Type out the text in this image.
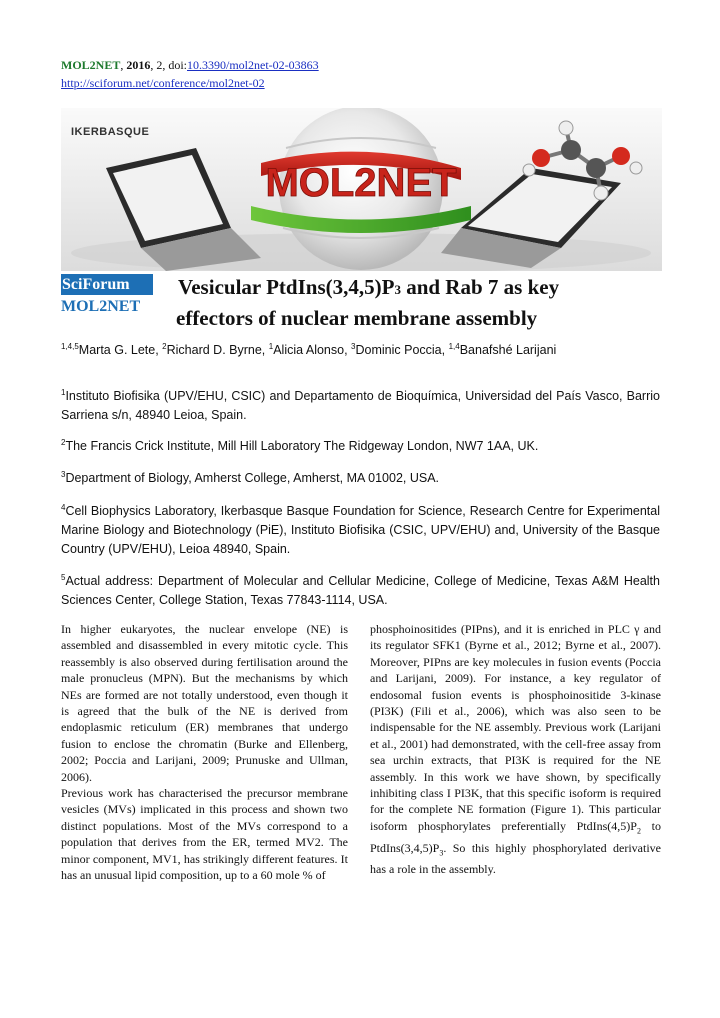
MOL2NET, 2016, 2, doi:10.3390/mol2net-02-03863
http://sciforum.net/conference/mol2net-02
MOL2NET
IKERBASQUE
SciForum
MOL2NET
Vesicular PtdIns(3,4,5)P3 and Rab 7 as key
effectors of nuclear membrane assembly
$^{1,4,5}$Marta G. Lete, $^2$Richard D. Byrne, $^1$Alicia Alonso, $^3$Dominic Poccia, $^{1,4}$Banafshé Larijani
$^1$Instituto Biofisika (UPV/EHU, CSIC) and Departamento de Bioquímica, Universidad del País Vasco, Barrio Sarriena s/n, 48940 Leioa, Spain.
$^2$The Francis Crick Institute, Mill Hill Laboratory The Ridgeway London, NW7 1AA, UK.
$^3$Department of Biology, Amherst College, Amherst, MA 01002, USA.
$^4$Cell Biophysics Laboratory, Ikerbasque Basque Foundation for Science, Research Centre for Experimental Marine Biology and Biotechnology (PiE), Instituto Biofisika (CSIC, UPV/EHU) and, University of the Basque Country (UPV/EHU), Leioa 48940, Spain.
$^5$Actual address: Department of Molecular and Cellular Medicine, College of Medicine, Texas A&M Health Sciences Center, College Station, Texas 77843-1114, USA.

In higher eukaryotes, the nuclear envelope (NE) is assembled and disassembled in every mitotic cycle. This reassembly is also observed during fertilisation around the male pronucleus (MPN). But the mechanisms by which NEs are formed are not totally understood, even though it is agreed that the bulk of the NE is derived from endoplasmic reticulum (ER) membranes that undergo fusion to enclose the chromatin (Burke and Ellenberg, 2002; Poccia and Larijani, 2009; Prunuske and Ullman, 2006).

Previous work has characterised the precursor membrane vesicles (MVs) implicated in this process and shown two distinct populations. Most of the MVs correspond to a population that derives from the ER, termed MV2. The minor component, MV1, has strikingly different features. It has an unusual lipid composition, up to a 60 mole % of

phosphoinositides (PIPns), and it is enriched in PLC γ and its regulator SFK1 (Byrne et al., 2012; Byrne et al., 2007). Moreover, PIPns are key molecules in fusion events (Poccia and Larijani, 2009). For instance, a key regulator of endosomal fusion events is phosphoinositide 3-kinase (PI3K) (Fili et al., 2006), which was also seen to be indispensable for the NE assembly. Previous work (Larijani et al., 2001) had demonstrated, with the cell-free assay from sea urchin extracts, that PI3K is required for the NE assembly. In this work we have shown, by specifically inhibiting class I PI3K, that this specific isoform is required for the complete NE formation (Figure 1). This particular isoform phosphorylates preferentially $PtdIns(4,5)P_2$ to $PtdIns(3,4,5)P_3$. So this highly phosphorylated derivative has a role in the assembly.
